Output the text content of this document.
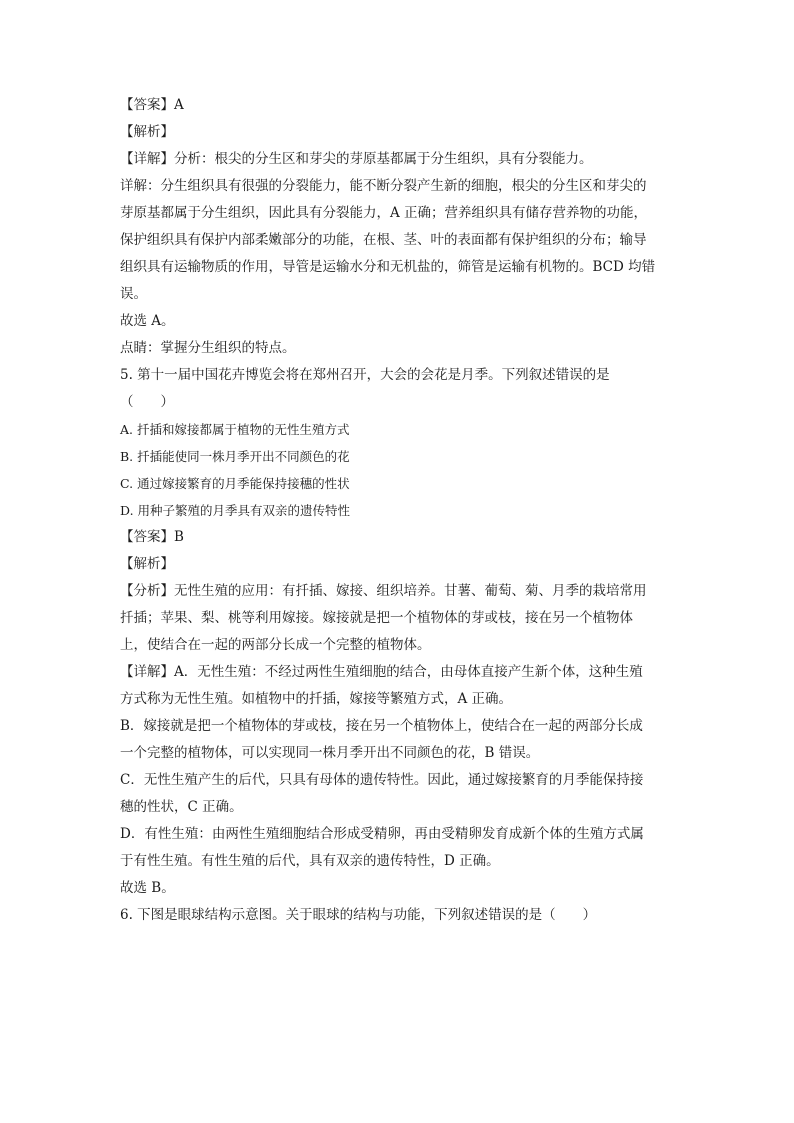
【答案】A
【解析】
【详解】分析：根尖的分生区和芽尖的芽原基都属于分生组织，具有分裂能力。
详解：分生组织具有很强的分裂能力，能不断分裂产生新的细胞，根尖的分生区和芽尖的
芽原基都属于分生组织，因此具有分裂能力，A 正确；营养组织具有储存营养物的功能，
保护组织具有保护内部柔嫩部分的功能，在根、茎、叶的表面都有保护组织的分布；输导
组织具有运输物质的作用，导管是运输水分和无机盐的，筛管是运输有机物的。BCD 均错
误。
故选 A。
点睛：掌握分生组织的特点。
5. 第十一届中国花卉博览会将在郑州召开，大会的会花是月季。下列叙述错误的是
（　　）
A. 扦插和嫁接都属于植物的无性生殖方式
B. 扦插能使同一株月季开出不同颜色的花
C. 通过嫁接繁育的月季能保持接穗的性状
D. 用种子繁殖的月季具有双亲的遗传特性
【答案】B
【解析】
【分析】无性生殖的应用：有扦插、嫁接、组织培养。甘薯、葡萄、菊、月季的栽培常用
扦插；苹果、梨、桃等利用嫁接。嫁接就是把一个植物体的芽或枝，接在另一个植物体
上，使结合在一起的两部分长成一个完整的植物体。
【详解】A．无性生殖：不经过两性生殖细胞的结合，由母体直接产生新个体，这种生殖
方式称为无性生殖。如植物中的扦插，嫁接等繁殖方式，A 正确。
B．嫁接就是把一个植物体的芽或枝，接在另一个植物体上，使结合在一起的两部分长成
一个完整的植物体，可以实现同一株月季开出不同颜色的花，B 错误。
C．无性生殖产生的后代，只具有母体的遗传特性。因此，通过嫁接繁育的月季能保持接
穗的性状，C 正确。
D．有性生殖：由两性生殖细胞结合形成受精卵，再由受精卵发育成新个体的生殖方式属
于有性生殖。有性生殖的后代，具有双亲的遗传特性，D 正确。
故选 B。
6. 下图是眼球结构示意图。关于眼球的结构与功能，下列叙述错误的是（　　）
